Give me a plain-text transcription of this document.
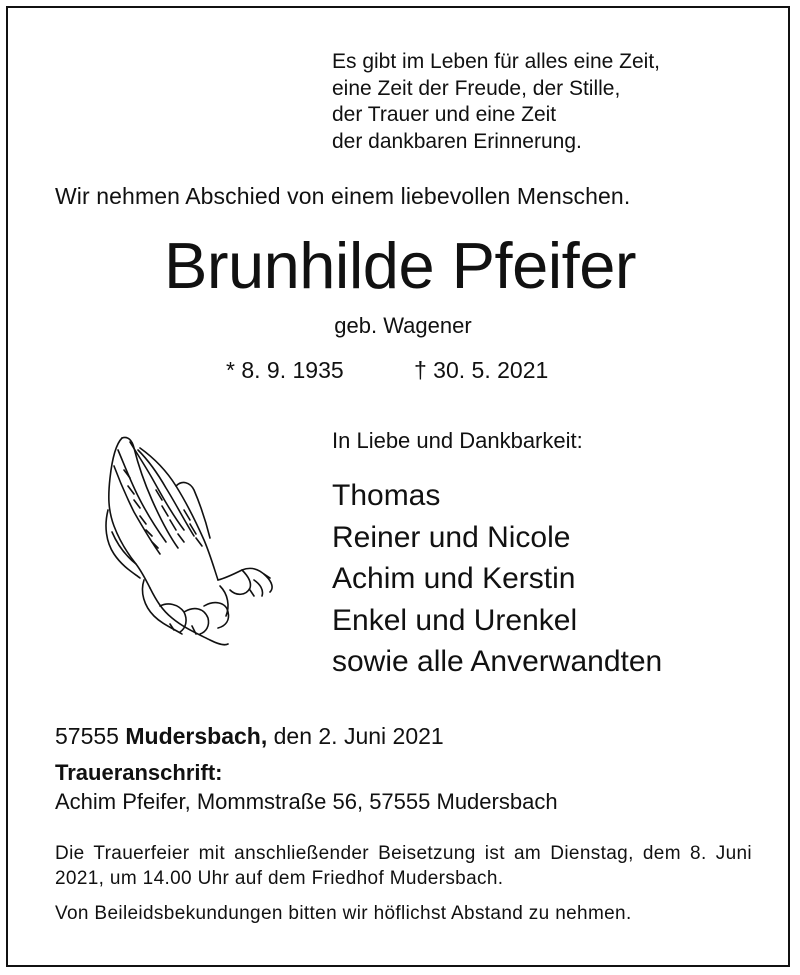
Es gibt im Leben für alles eine Zeit,
eine Zeit der Freude, der Stille,
der Trauer und eine Zeit
der dankbaren Erinnerung.
Wir nehmen Abschied von einem liebevollen Menschen.
Brunhilde Pfeifer
geb. Wagener
* 8. 9. 1935	† 30. 5. 2021
In Liebe und Dankbarkeit:
Thomas
Reiner und Nicole
Achim und Kerstin
Enkel und Urenkel
sowie alle Anverwandten
57555 Mudersbach, den 2. Juni 2021
Traueranschrift:
Achim Pfeifer, Mommstraße 56, 57555 Mudersbach
Die Trauerfeier mit anschließender Beisetzung ist am Dienstag, dem 8. Juni 2021, um 14.00 Uhr auf dem Friedhof Mudersbach.
Von Beileidsbekundungen bitten wir höflichst Abstand zu nehmen.
